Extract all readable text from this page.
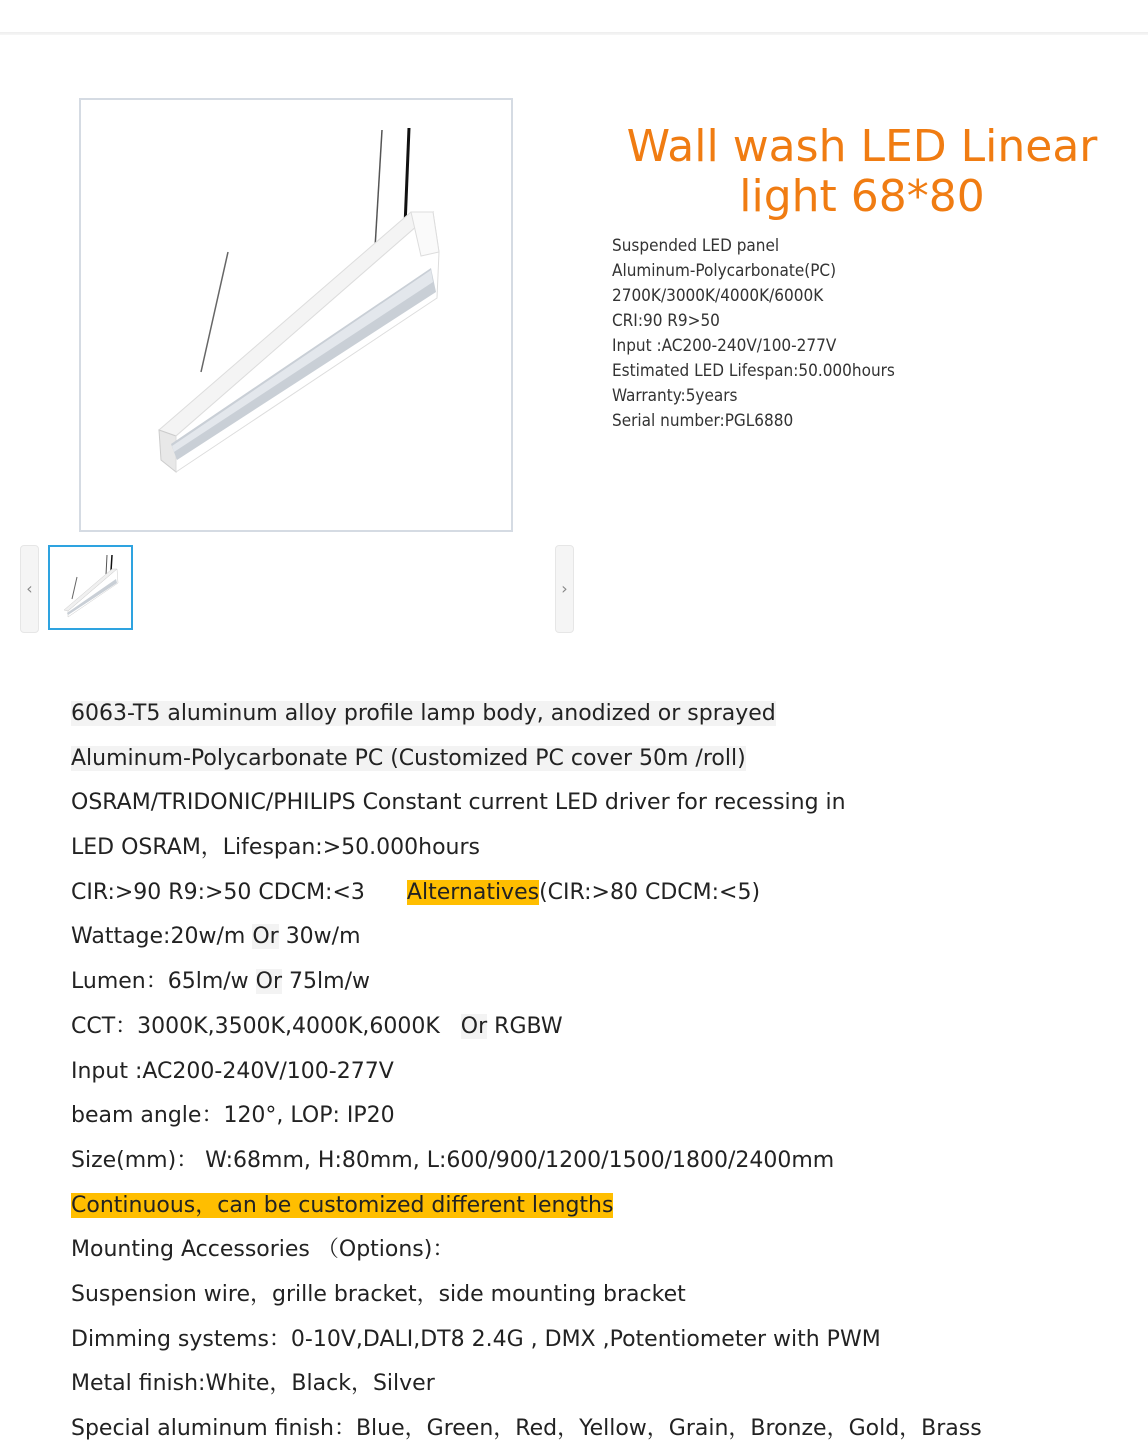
‹	›
Wall wash LED Linear light 68*80
Suspended LED panel
Aluminum-Polycarbonate(PC)
2700K/3000K/4000K/6000K
CRI:90 R9>50
Input :AC200-240V/100-277V
Estimated LED Lifespan:50.000hours
Warranty:5years
Serial number:PGL6880
6063-T5 aluminum alloy profile lamp body, anodized or sprayed
Aluminum-Polycarbonate PC (Customized PC cover 50m /roll)
OSRAM/TRIDONIC/PHILIPS Constant current LED driver for recessing in
LED OSRAM，Lifespan:>50.000hours
CIR:>90 R9:>50 CDCM:<3 Alternatives(CIR:>80 CDCM:<5)
Wattage:20w/m Or 30w/m
Lumen：65lm/w Or 75lm/w
CCT：3000K,3500K,4000K,6000K Or RGBW
Input :AC200-240V/100-277V
beam angle：120°, LOP: IP20
Size(mm)： W:68mm, H:80mm, L:600/900/1200/1500/1800/2400mm
Continuous，can be customized different lengths
Mounting Accessories （Options)：
Suspension wire，grille bracket，side mounting bracket
Dimming systems：0-10V,DALI,DT8 2.4G , DMX ,Potentiometer with PWM
Metal finish:White，Black，Silver
Special aluminum finish：Blue，Green，Red，Yellow，Grain，Bronze，Gold，Brass
